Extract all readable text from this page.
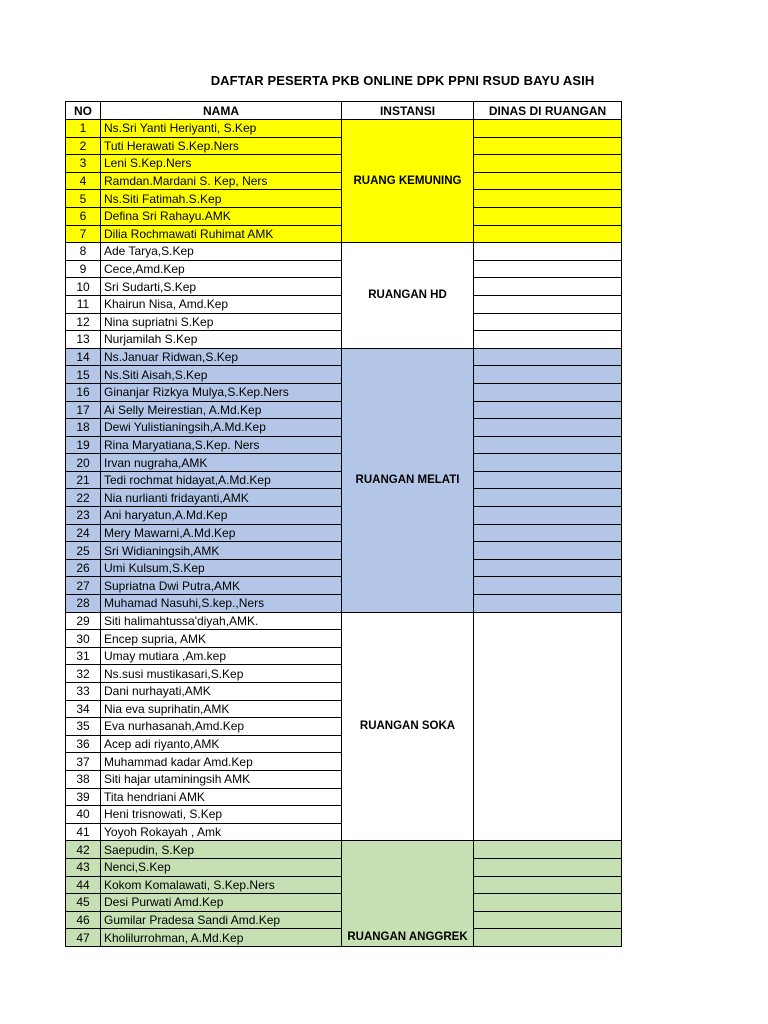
DAFTAR PESERTA PKB ONLINE DPK PPNI RSUD BAYU ASIH
NO	NAMA	INSTANSI	DINAS DI RUANGAN
1	Ns.Sri Yanti Heriyanti, S.Kep	RUANG KEMUNING	
2	Tuti Herawati S.Kep.Ners		
3	Leni S.Kep.Ners		
4	Ramdan.Mardani S. Kep, Ners		
5	Ns.Siti Fatimah.S.Kep		
6	Defina Sri Rahayu.AMK		
7	Dilia Rochmawati Ruhimat AMK		
8	Ade Tarya,S.Kep	RUANGAN HD	
9	Cece,Amd.Kep		
10	Sri Sudarti,S.Kep		
11	Khairun Nisa, Amd.Kep		
12	Nina supriatni S.Kep		
13	Nurjamilah S.Kep		
14	Ns.Januar Ridwan,S.Kep	RUANGAN MELATI	
15	Ns.Siti Aisah,S.Kep		
16	Ginanjar Rizkya Mulya,S.Kep.Ners		
17	Ai Selly Meirestian, A.Md.Kep		
18	Dewi Yulistianingsih,A.Md.Kep		
19	Rina Maryatiana,S.Kep. Ners		
20	Irvan nugraha,AMK		
21	Tedi rochmat hidayat,A.Md.Kep		
22	Nia nurlianti fridayanti,AMK		
23	Ani haryatun,A.Md.Kep		
24	Mery Mawarni,A.Md.Kep		
25	Sri Widianingsih,AMK		
26	Umi Kulsum,S.Kep		
27	Supriatna Dwi Putra,AMK		
28	Muhamad Nasuhi,S.kep.,Ners		
29	Siti halimahtussa'diyah,AMK.	RUANGAN SOKA	
30	Encep supria, AMK		
31	Umay mutiara ,Am.kep		
32	Ns.susi mustikasari,S.Kep		
33	Dani nurhayati,AMK		
34	Nia eva suprihatin,AMK		
35	Eva nurhasanah,Amd.Kep		
36	Acep adi riyanto,AMK		
37	Muhammad kadar Amd.Kep		
38	Siti hajar utaminingsih AMK		
39	Tita hendriani AMK		
40	Heni trisnowati, S.Kep		
41	Yoyoh Rokayah , Amk		
42	Saepudin, S.Kep	RUANGAN ANGGREK	
43	Nenci,S.Kep		
44	Kokom Komalawati, S.Kep.Ners		
45	Desi Purwati Amd.Kep		
46	Gumilar Pradesa Sandi Amd.Kep		
47	Kholilurrohman, A.Md.Kep		
